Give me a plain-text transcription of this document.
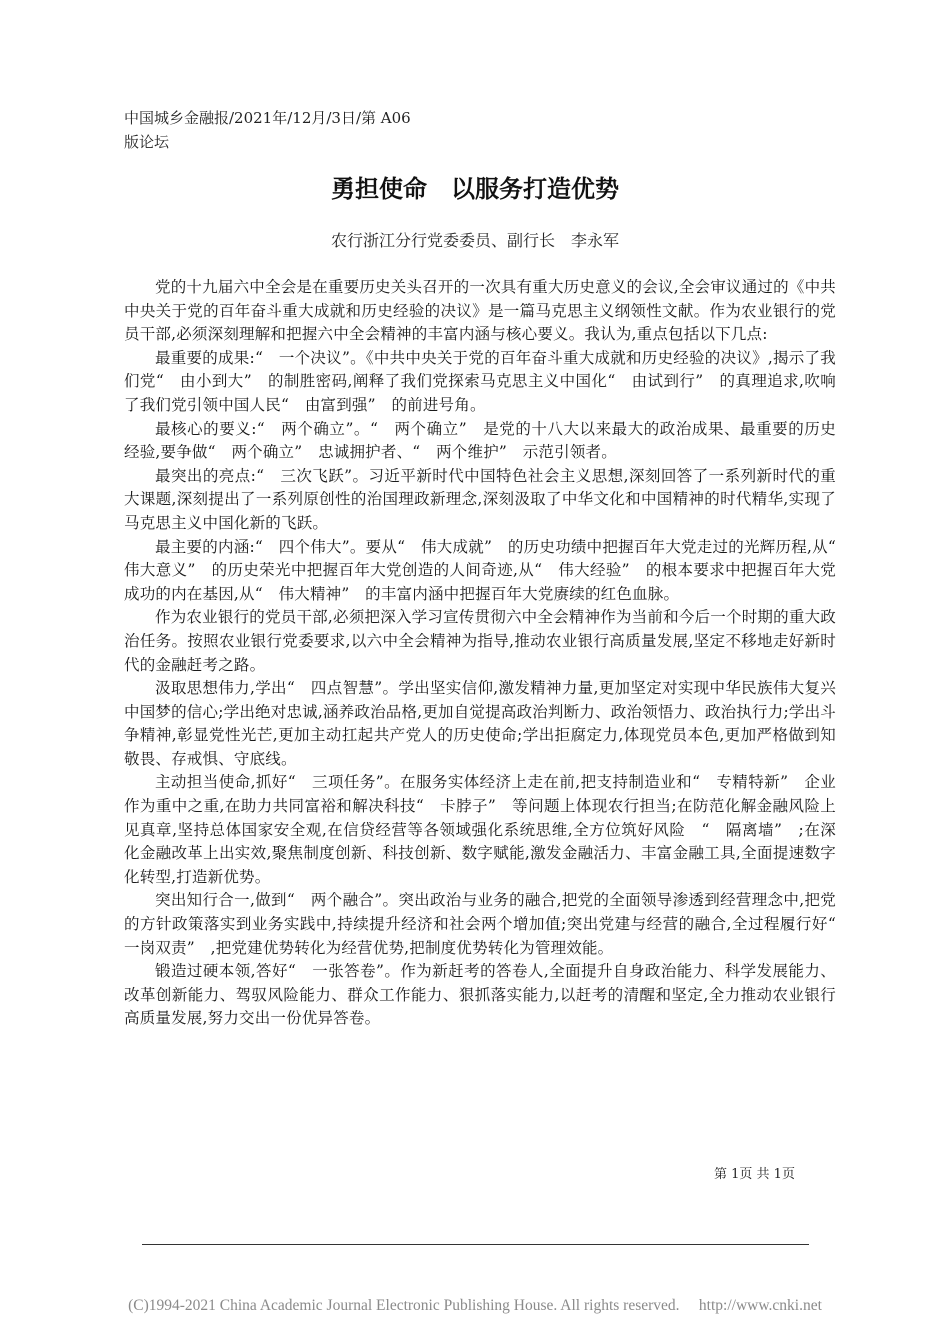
中国城乡金融报/2021年/12月/3日/第 A06
版论坛
勇担使命　以服务打造优势
农行浙江分行党委委员、副行长　李永军

党的十九届六中全会是在重要历史关头召开的一次具有重大历史意义的会议,全会审议通过的《中共中央关于党的百年奋斗重大成就和历史经验的决议》是一篇马克思主义纲领性文献。作为农业银行的党员干部,必须深刻理解和把握六中全会精神的丰富内涵与核心要义。我认为,重点包括以下几点:

最重要的成果:“　一个决议”。《中共中央关于党的百年奋斗重大成就和历史经验的决议》,揭示了我们党“　由小到大”　的制胜密码,阐释了我们党探索马克思主义中国化“　由试到行”　的真理追求,吹响了我们党引领中国人民“　由富到强”　的前进号角。

最核心的要义:“　两个确立”。“　两个确立”　是党的十八大以来最大的政治成果、最重要的历史经验,要争做“　两个确立”　忠诚拥护者、“　两个维护”　示范引领者。

最突出的亮点:“　三次飞跃”。习近平新时代中国特色社会主义思想,深刻回答了一系列新时代的重大课题,深刻提出了一系列原创性的治国理政新理念,深刻汲取了中华文化和中国精神的时代精华,实现了马克思主义中国化新的飞跃。

最主要的内涵:“　四个伟大”。要从“　伟大成就”　的历史功绩中把握百年大党走过的光辉历程,从“　伟大意义”　的历史荣光中把握百年大党创造的人间奇迹,从“　伟大经验”　的根本要求中把握百年大党成功的内在基因,从“　伟大精神”　的丰富内涵中把握百年大党赓续的红色血脉。

作为农业银行的党员干部,必须把深入学习宣传贯彻六中全会精神作为当前和今后一个时期的重大政治任务。按照农业银行党委要求,以六中全会精神为指导,推动农业银行高质量发展,坚定不移地走好新时代的金融赶考之路。

汲取思想伟力,学出“　四点智慧”。学出坚实信仰,激发精神力量,更加坚定对实现中华民族伟大复兴中国梦的信心;学出绝对忠诚,涵养政治品格,更加自觉提高政治判断力、政治领悟力、政治执行力;学出斗争精神,彰显党性光芒,更加主动扛起共产党人的历史使命;学出拒腐定力,体现党员本色,更加严格做到知敬畏、存戒惧、守底线。

主动担当使命,抓好“　三项任务”。在服务实体经济上走在前,把支持制造业和“　专精特新”　企业作为重中之重,在助力共同富裕和解决科技“　卡脖子”　等问题上体现农行担当;在防范化解金融风险上见真章,坚持总体国家安全观,在信贷经营等各领域强化系统思维,全方位筑好风险　“　隔离墙”　;在深化金融改革上出实效,聚焦制度创新、科技创新、数字赋能,激发金融活力、丰富金融工具,全面提速数字化转型,打造新优势。

突出知行合一,做到“　两个融合”。突出政治与业务的融合,把党的全面领导渗透到经营理念中,把党的方针政策落实到业务实践中,持续提升经济和社会两个增加值;突出党建与经营的融合,全过程履行好“　一岗双责”　,把党建优势转化为经营优势,把制度优势转化为管理效能。

锻造过硬本领,答好“　一张答卷”。作为新赶考的答卷人,全面提升自身政治能力、科学发展能力、改革创新能力、驾驭风险能力、群众工作能力、狠抓落实能力,以赶考的清醒和坚定,全力推动农业银行高质量发展,努力交出一份优异答卷。

第 1页 共 1页
(C)1994-2021 China Academic Journal Electronic Publishing House. All rights reserved.　 http://www.cnki.net
